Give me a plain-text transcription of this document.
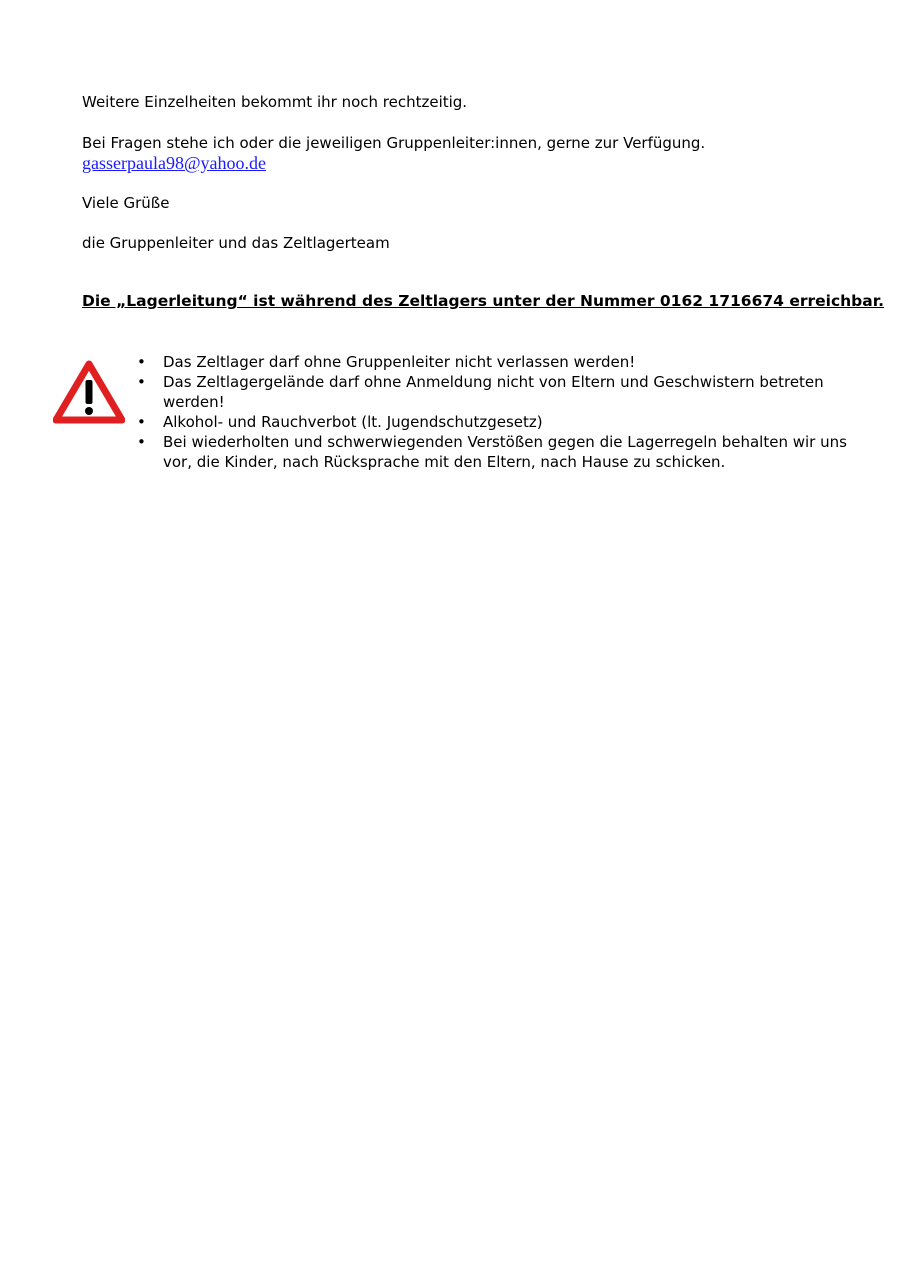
Weitere Einzelheiten bekommt ihr noch rechtzeitig.

Bei Fragen stehe ich oder die jeweiligen Gruppenleiter:innen, gerne zur Verfügung.

gasserpaula98@yahoo.de

Viele Grüße

die Gruppenleiter und das Zeltlagerteam

Die „Lagerleitung“ ist während des Zeltlagers unter der Nummer 0162 1716674 erreichbar.
• Das Zeltlager darf ohne Gruppenleiter nicht verlassen werden!
• Das Zeltlagergelände darf ohne Anmeldung nicht von Eltern und Geschwistern betreten werden!
• Alkohol- und Rauchverbot (lt. Jugendschutzgesetz)
• Bei wiederholten und schwerwiegenden Verstößen gegen die Lagerregeln behalten wir uns vor, die Kinder, nach Rücksprache mit den Eltern, nach Hause zu schicken.
